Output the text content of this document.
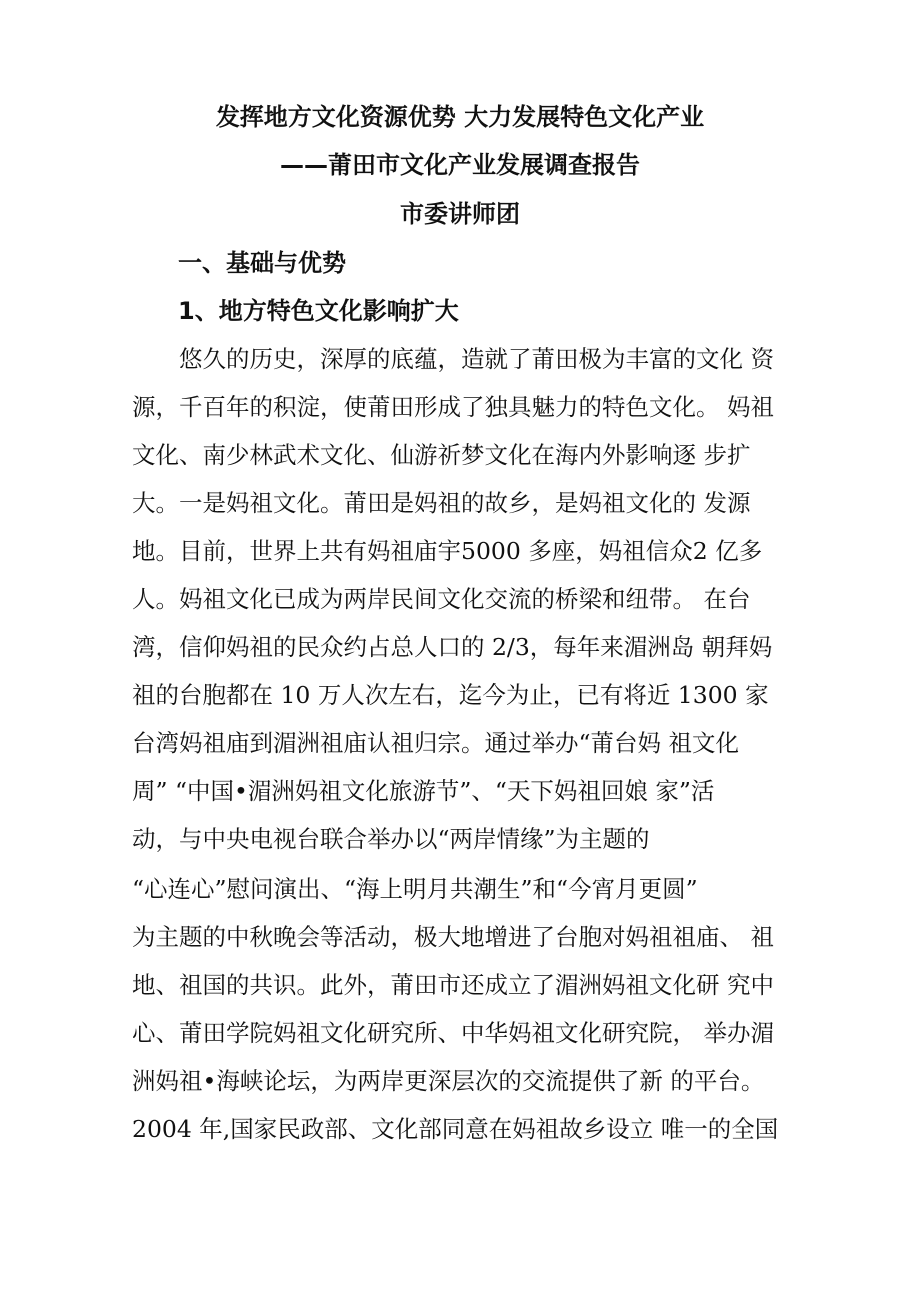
发挥地方文化资源优势 大力发展特色文化产业
——莆田市文化产业发展调查报告
市委讲师团
一、基础与优势
1、地方特色文化影响扩大
　　悠久的历史，深厚的底蕴，造就了莆田极为丰富的文化 资
源，千百年的积淀，使莆田形成了独具魅力的特色文化。 妈祖
文化、南少林武术文化、仙游祈梦文化在海内外影响逐 步扩
大。一是妈祖文化。莆田是妈祖的故乡，是妈祖文化的 发源
地。目前，世界上共有妈祖庙宇5000 多座，妈祖信众2 亿多
人。妈祖文化已成为两岸民间文化交流的桥梁和纽带。 在台
湾，信仰妈祖的民众约占总人口的 2/3，每年来湄洲岛 朝拜妈
祖的台胞都在 10 万人次左右，迄今为止，已有将近 1300 家
台湾妈祖庙到湄洲祖庙认祖归宗。通过举办“莆台妈 祖文化
周” “中国•湄洲妈祖文化旅游节”、“天下妈祖回娘 家”活
动，与中央电视台联合举办以“两岸情缘”为主题的
“心连心”慰问演出、“海上明月共潮生”和“今宵月更圆”
为主题的中秋晚会等活动，极大地增进了台胞对妈祖祖庙、 祖
地、祖国的共识。此外，莆田市还成立了湄洲妈祖文化研 究中
心、莆田学院妈祖文化研究所、中华妈祖文化研究院， 举办湄
洲妈祖•海峡论坛，为两岸更深层次的交流提供了新 的平台。
2004 年,国家民政部、文化部同意在妈祖故乡设立 唯一的全国
